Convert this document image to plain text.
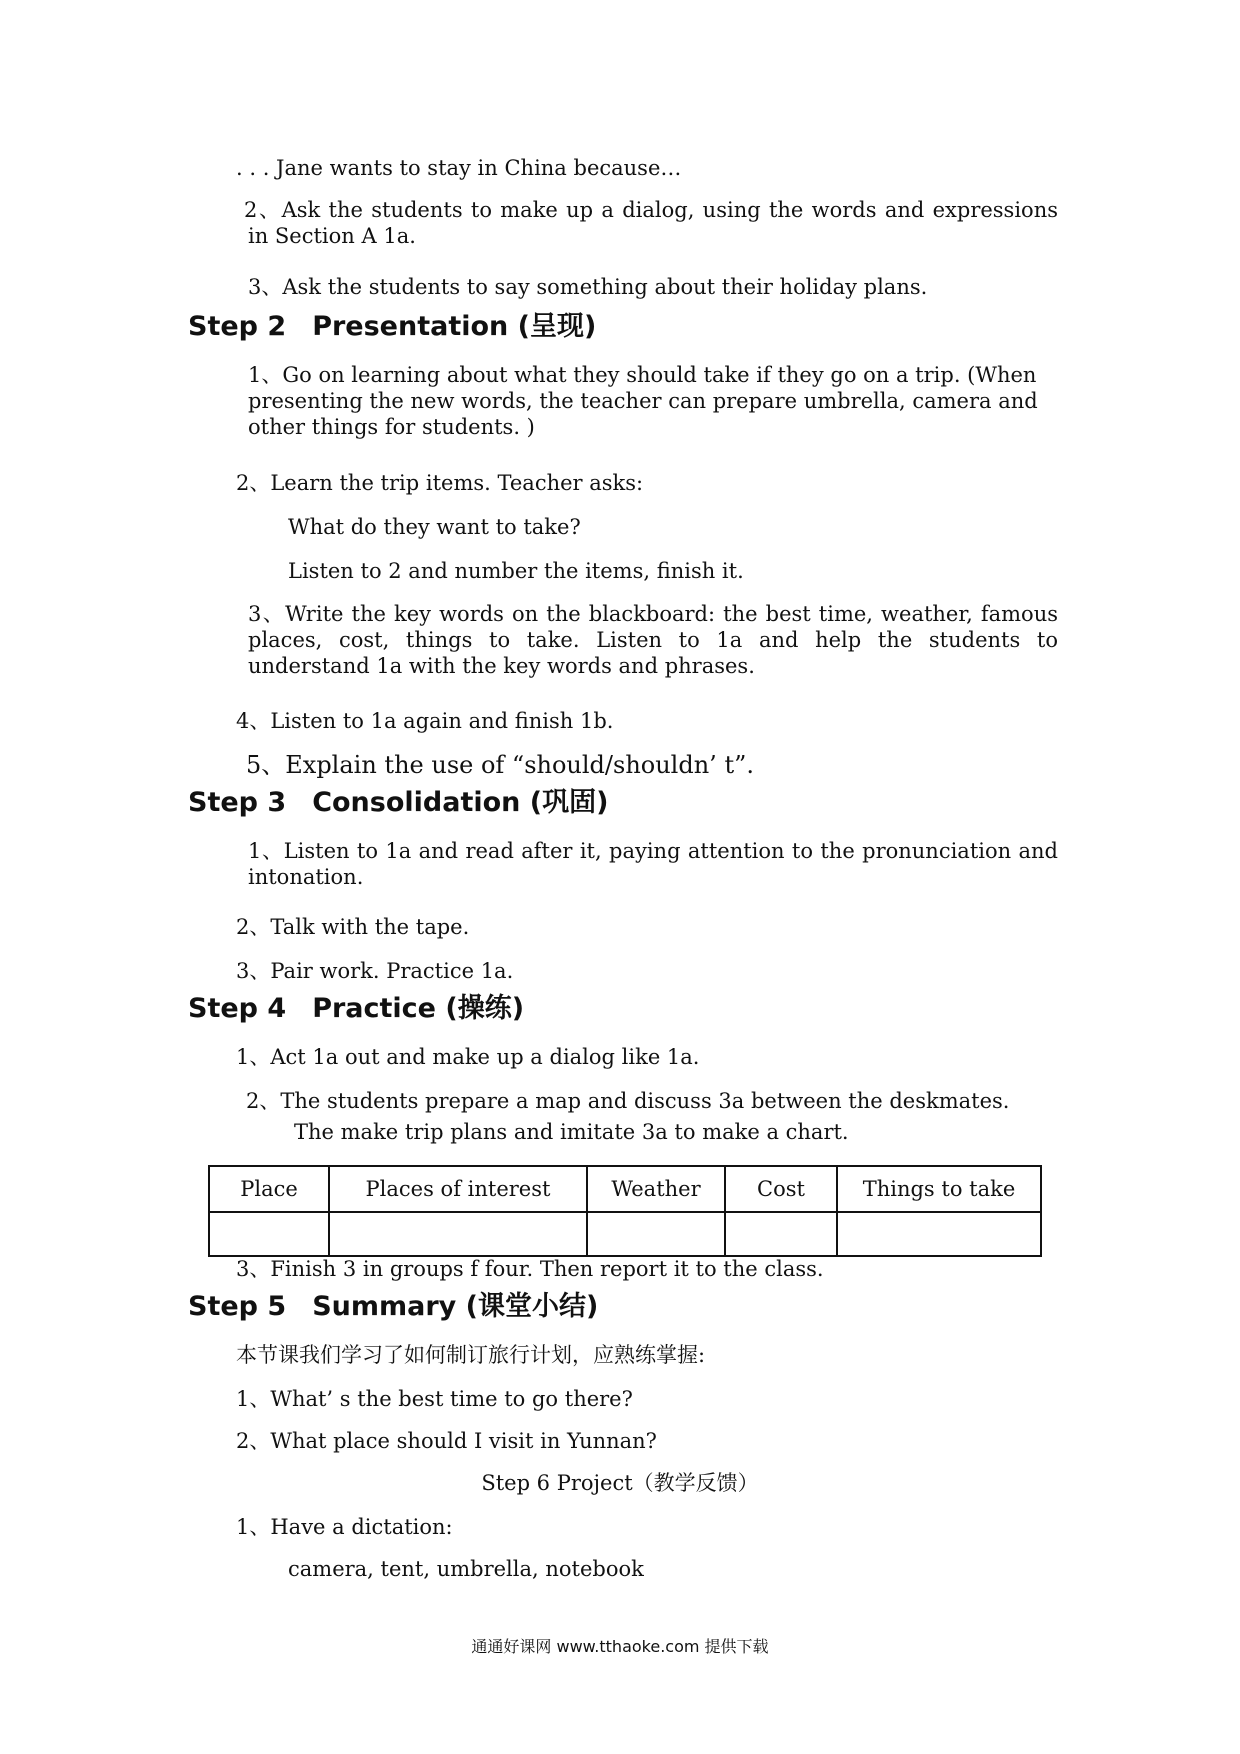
. . . Jane wants to stay in China because…

2、Ask the students to make up a dialog, using the words and expressions in Section A 1a.

3、Ask the students to say something about their holiday plans.

Step 2 Presentation (呈现)

1、Go on learning about what they should take if they go on a trip. (When presenting the new words, the teacher can prepare umbrella, camera and other things for students. )

2、Learn the trip items. Teacher asks:

What do they want to take?

Listen to 2 and number the items, finish it.

3、Write the key words on the blackboard: the best time, weather, famous places, cost, things to take. Listen to 1a and help the students to understand 1a with the key words and phrases.

4、Listen to 1a again and finish 1b.

5、Explain the use of “should/shouldn’ t”.

Step 3 Consolidation (巩固)

1、Listen to 1a and read after it, paying attention to the pronunciation and intonation.

2、Talk with the tape.

3、Pair work. Practice 1a.

Step 4 Practice (操练)

1、Act 1a out and make up a dialog like 1a.

2、The students prepare a map and discuss 3a between the deskmates.

The make trip plans and imitate 3a to make a chart.

Place	Places of interest	Weather	Cost	Things to take

3、Finish 3 in groups f four. Then report it to the class.

Step 5 Summary (课堂小结)

本节课我们学习了如何制订旅行计划，应熟练掌握:

1、What’ s the best time to go there?

2、What place should I visit in Yunnan?

Step 6 Project（教学反馈）

1、Have a dictation:

camera, tent, umbrella, notebook

通通好课网 www.tthaoke.com 提供下载
